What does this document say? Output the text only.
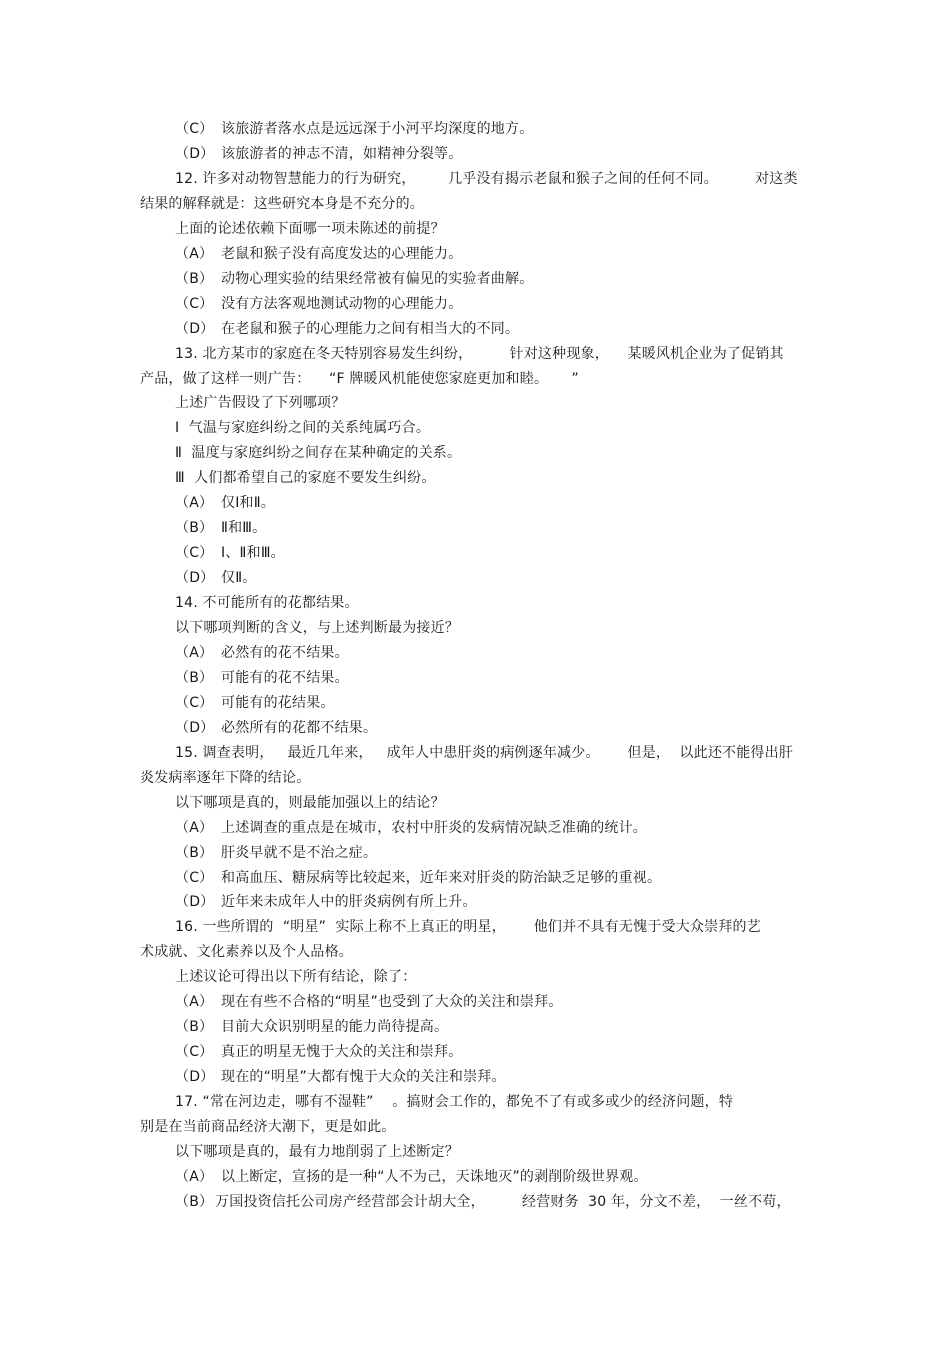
（C） 该旅游者落水点是远远深于小河平均深度的地方。
（D） 该旅游者的神志不清，如精神分裂等。
12. 许多对动物智慧能力的行为研究，       几乎没有揭示老鼠和猴子之间的任何不同。        对这类
结果的解释就是：这些研究本身是不充分的。
上面的论述依赖下面哪一项未陈述的前提？
（A） 老鼠和猴子没有高度发达的心理能力。
（B） 动物心理实验的结果经常被有偏见的实验者曲解。
（C） 没有方法客观地测试动物的心理能力。
（D） 在老鼠和猴子的心理能力之间有相当大的不同。
13. 北方某市的家庭在冬天特别容易发生纠纷，        针对这种现象，    某暖风机企业为了促销其
产品，做了这样一则广告：    “F 牌暖风机能使您家庭更加和睦。     ”
上述广告假设了下列哪项？
Ⅰ  气温与家庭纠纷之间的关系纯属巧合。
Ⅱ  温度与家庭纠纷之间存在某种确定的关系。
Ⅲ  人们都希望自己的家庭不要发生纠纷。
（A） 仅Ⅰ和Ⅱ。
（B） Ⅱ和Ⅲ。
（C） Ⅰ、Ⅱ和Ⅲ。
（D） 仅Ⅱ。
14. 不可能所有的花都结果。
以下哪项判断的含义，与上述判断最为接近？
（A） 必然有的花不结果。
（B） 可能有的花不结果。
（C） 可能有的花结果。
（D） 必然所有的花都不结果。
15. 调查表明，   最近几年来，   成年人中患肝炎的病例逐年减少。      但是，  以此还不能得出肝
炎发病率逐年下降的结论。
以下哪项是真的，则最能加强以上的结论？
（A） 上述调查的重点是在城市，农村中肝炎的发病情况缺乏准确的统计。
（B） 肝炎早就不是不治之症。
（C） 和高血压、糖尿病等比较起来，近年来对肝炎的防治缺乏足够的重视。
（D） 近年来未成年人中的肝炎病例有所上升。
16. 一些所谓的  “明星”  实际上称不上真正的明星，      他们并不具有无愧于受大众崇拜的艺
术成就、文化素养以及个人品格。
上述议论可得出以下所有结论，除了：
（A） 现在有些不合格的“明星”也受到了大众的关注和崇拜。
（B） 目前大众识别明星的能力尚待提高。
（C） 真正的明星无愧于大众的关注和崇拜。
（D） 现在的“明星”大都有愧于大众的关注和崇拜。
17. “常在河边走，哪有不湿鞋”    。搞财会工作的，都免不了有或多或少的经济问题，特
别是在当前商品经济大潮下，更是如此。
以下哪项是真的，最有力地削弱了上述断定？
（A） 以上断定，宣扬的是一种“人不为己，天诛地灭”的剥削阶级世界观。
（B） 万国投资信托公司房产经营部会计胡大全，        经营财务  30 年，分文不差，  一丝不苟，
